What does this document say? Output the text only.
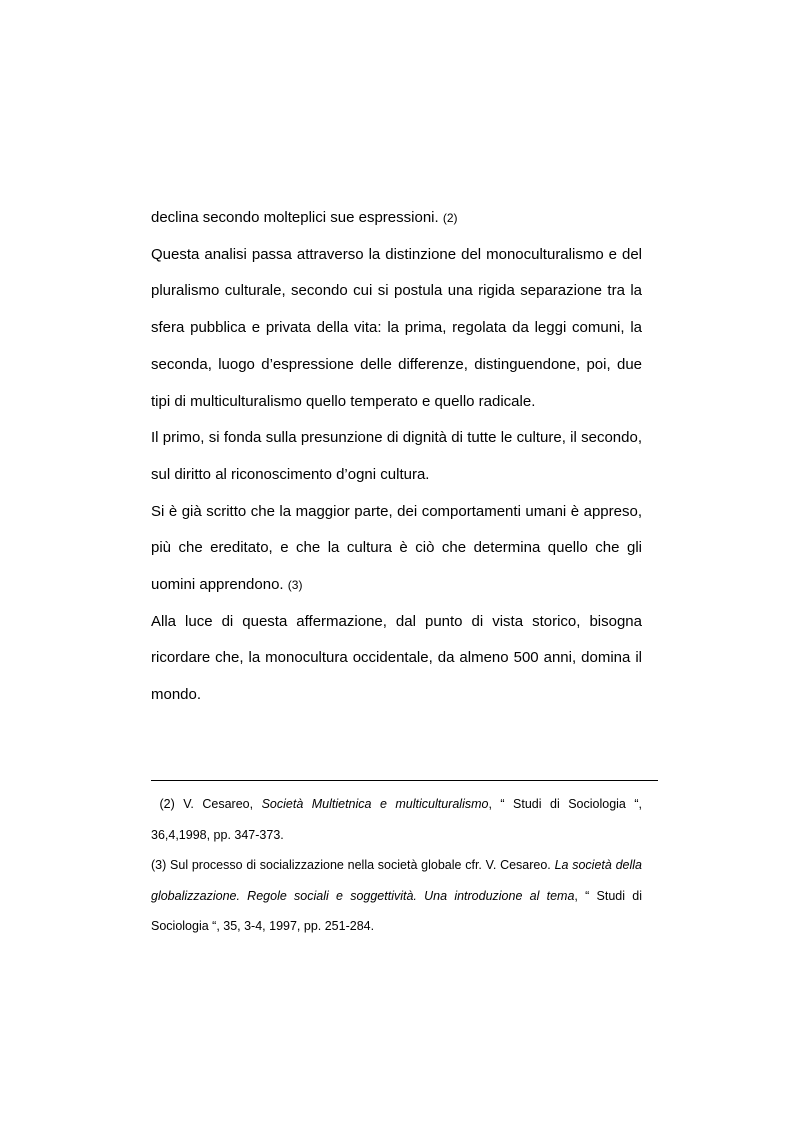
declina secondo molteplici sue espressioni. (2)

Questa analisi passa attraverso la distinzione del monoculturalismo e del pluralismo culturale, secondo cui si postula una rigida separazione tra la sfera pubblica e privata della vita: la prima, regolata da leggi comuni, la seconda, luogo d’espressione delle differenze, distinguendone, poi, due tipi di multiculturalismo quello temperato e quello radicale.

Il primo, si fonda sulla presunzione di dignità di tutte le culture, il secondo, sul diritto al riconoscimento d’ogni cultura.

Si è già scritto che la maggior parte, dei comportamenti umani è appreso, più che ereditato, e che la cultura è ciò che determina quello che gli uomini apprendono. (3)

Alla luce di questa affermazione, dal punto di vista storico, bisogna ricordare che, la monocultura occidentale, da almeno 500 anni, domina il mondo.

(2) V. Cesareo, Società Multietnica e multiculturalismo, “ Studi di Sociologia “, 36,4,1998, pp. 347-373.

(3) Sul processo di socializzazione nella società globale cfr. V. Cesareo. La società della globalizzazione. Regole sociali e soggettività. Una introduzione al tema, “ Studi di Sociologia “, 35, 3-4, 1997, pp. 251-284.
